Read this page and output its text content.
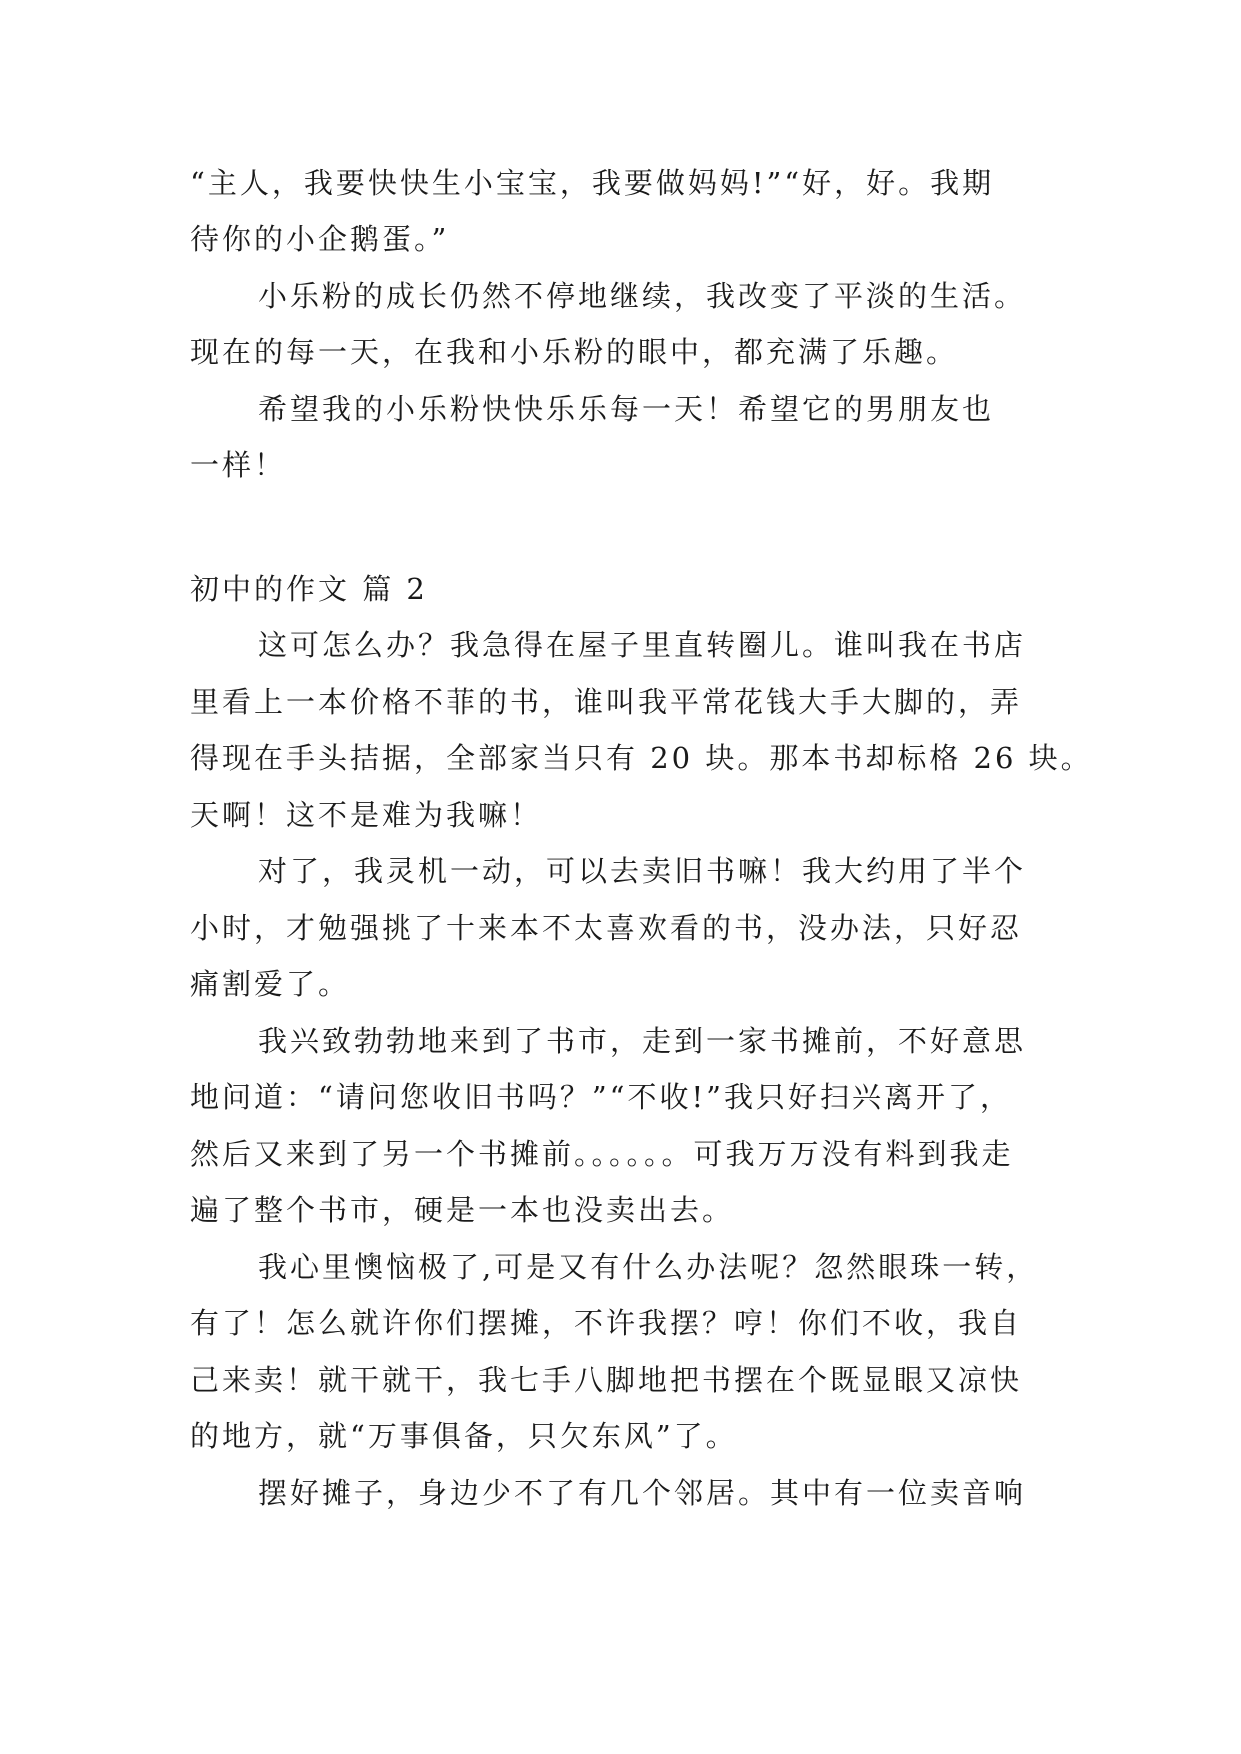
“主人，我要快快生小宝宝，我要做妈妈!”“好，好。我期
待你的小企鹅蛋。”
小乐粉的成长仍然不停地继续，我改变了平淡的生活。
现在的每一天，在我和小乐粉的眼中，都充满了乐趣。
希望我的小乐粉快快乐乐每一天！希望它的男朋友也
一样！
初中的作文 篇 2
这可怎么办？我急得在屋子里直转圈儿。谁叫我在书店
里看上一本价格不菲的书，谁叫我平常花钱大手大脚的，弄
得现在手头拮据，全部家当只有 20 块。那本书却标格 26 块。
天啊！这不是难为我嘛！
对了，我灵机一动，可以去卖旧书嘛！我大约用了半个
小时，才勉强挑了十来本不太喜欢看的书，没办法，只好忍
痛割爱了。
我兴致勃勃地来到了书市，走到一家书摊前，不好意思
地问道：“请问您收旧书吗？”“不收!”我只好扫兴离开了，
然后又来到了另一个书摊前。。。。。。可我万万没有料到我走
遍了整个书市，硬是一本也没卖出去。
我心里懊恼极了,可是又有什么办法呢？忽然眼珠一转，
有了！怎么就许你们摆摊，不许我摆？哼！你们不收，我自
己来卖！就干就干，我七手八脚地把书摆在个既显眼又凉快
的地方，就“万事俱备，只欠东风”了。
摆好摊子，身边少不了有几个邻居。其中有一位卖音响
